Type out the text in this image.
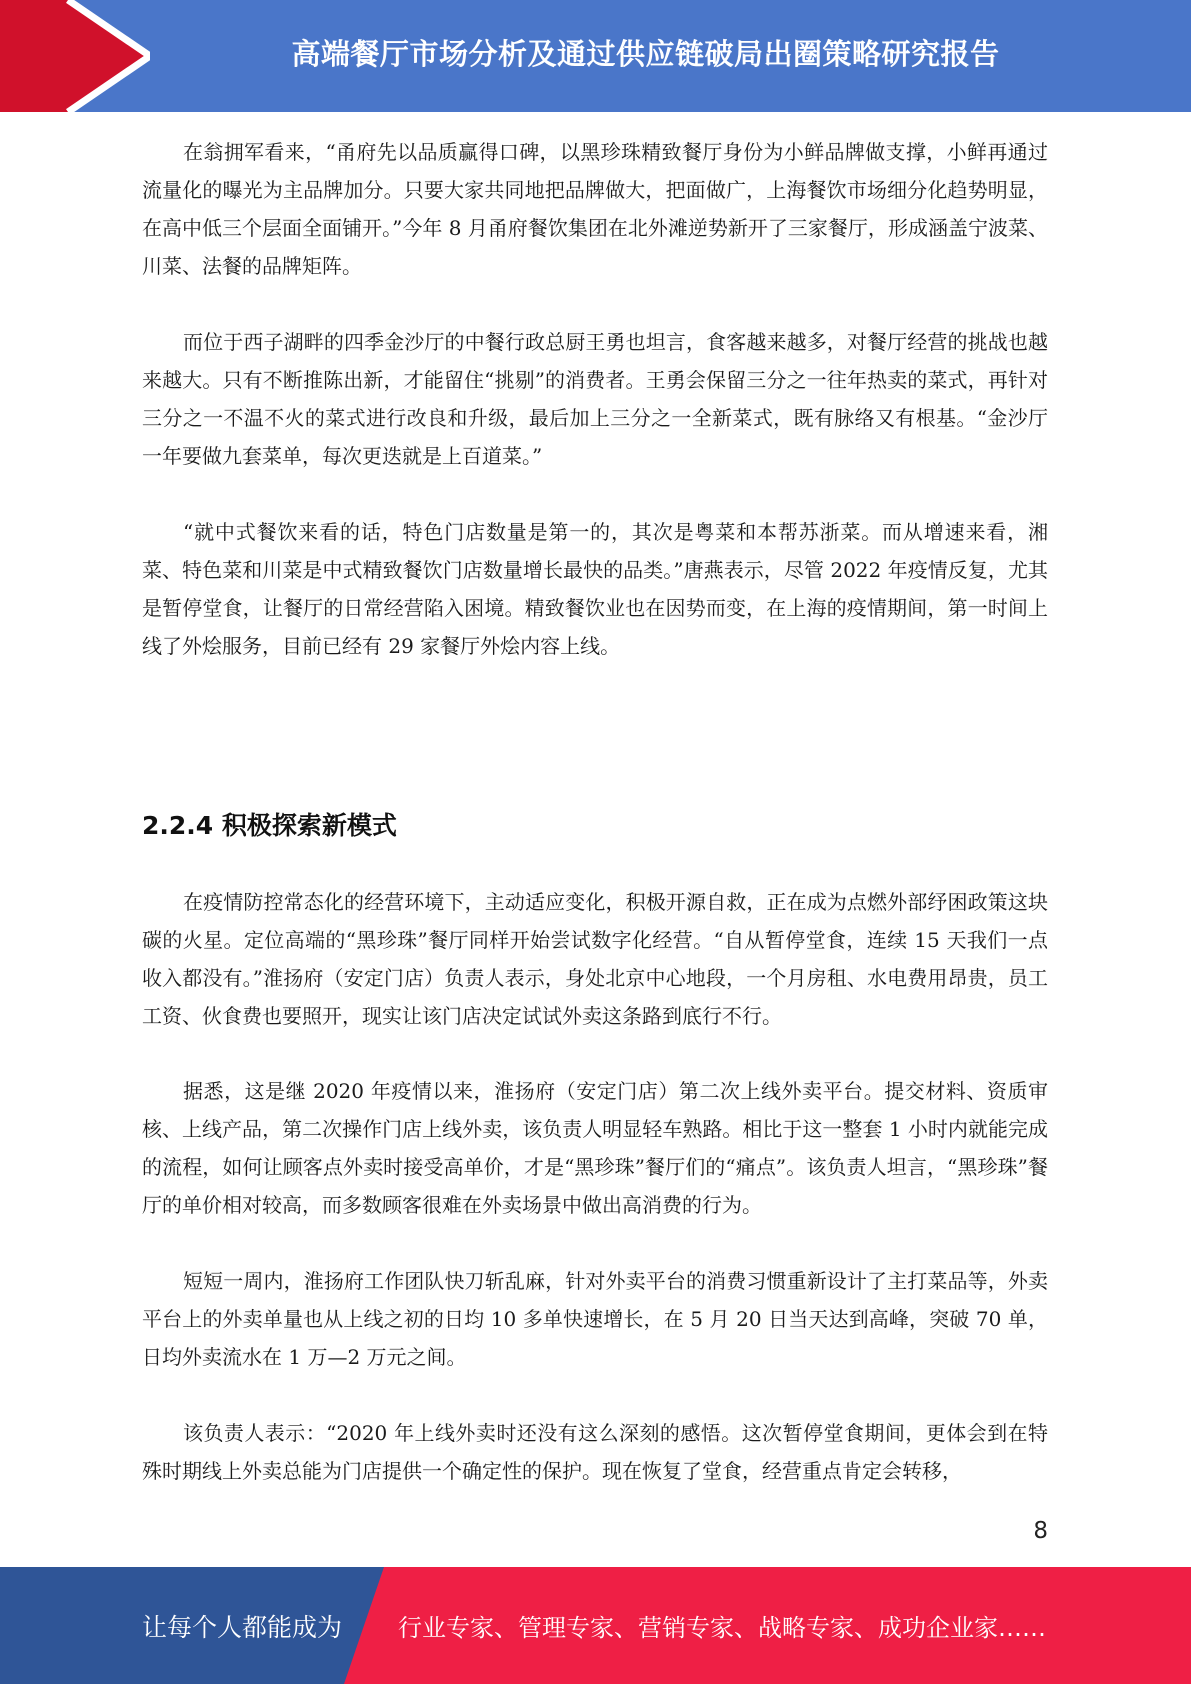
高端餐厅市场分析及通过供应链破局出圈策略研究报告

在翁拥军看来，“甬府先以品质赢得口碑，以黑珍珠精致餐厅身份为小鲜品牌做支撑，小鲜再通过流量化的曝光为主品牌加分。只要大家共同地把品牌做大，把面做广，上海餐饮市场细分化趋势明显，在高中低三个层面全面铺开。”今年 8 月甬府餐饮集团在北外滩逆势新开了三家餐厅，形成涵盖宁波菜、川菜、法餐的品牌矩阵。

而位于西子湖畔的四季金沙厅的中餐行政总厨王勇也坦言，食客越来越多，对餐厅经营的挑战也越来越大。只有不断推陈出新，才能留住“挑剔”的消费者。王勇会保留三分之一往年热卖的菜式，再针对三分之一不温不火的菜式进行改良和升级，最后加上三分之一全新菜式，既有脉络又有根基。“金沙厅一年要做九套菜单，每次更迭就是上百道菜。”

“就中式餐饮来看的话，特色门店数量是第一的，其次是粤菜和本帮苏浙菜。而从增速来看，湘菜、特色菜和川菜是中式精致餐饮门店数量增长最快的品类。”唐燕表示，尽管 2022 年疫情反复，尤其是暂停堂食，让餐厅的日常经营陷入困境。精致餐饮业也在因势而变，在上海的疫情期间，第一时间上线了外烩服务，目前已经有 29 家餐厅外烩内容上线。

2.2.4 积极探索新模式

在疫情防控常态化的经营环境下，主动适应变化，积极开源自救，正在成为点燃外部纾困政策这块碳的火星。定位高端的“黑珍珠”餐厅同样开始尝试数字化经营。“自从暂停堂食，连续 15 天我们一点收入都没有。”淮扬府（安定门店）负责人表示，身处北京中心地段，一个月房租、水电费用昂贵，员工工资、伙食费也要照开，现实让该门店决定试试外卖这条路到底行不行。

据悉，这是继 2020 年疫情以来，淮扬府（安定门店）第二次上线外卖平台。提交材料、资质审核、上线产品，第二次操作门店上线外卖，该负责人明显轻车熟路。相比于这一整套 1 小时内就能完成的流程，如何让顾客点外卖时接受高单价，才是“黑珍珠”餐厅们的“痛点”。该负责人坦言，“黑珍珠”餐厅的单价相对较高，而多数顾客很难在外卖场景中做出高消费的行为。

短短一周内，淮扬府工作团队快刀斩乱麻，针对外卖平台的消费习惯重新设计了主打菜品等，外卖平台上的外卖单量也从上线之初的日均 10 多单快速增长，在 5 月 20 日当天达到高峰，突破 70 单，日均外卖流水在 1 万—2 万元之间。

该负责人表示：“2020 年上线外卖时还没有这么深刻的感悟。这次暂停堂食期间，更体会到在特殊时期线上外卖总能为门店提供一个确定性的保护。现在恢复了堂食，经营重点肯定会转移，

8
让每个人都能成为 行业专家、管理专家、营销专家、战略专家、成功企业家……
